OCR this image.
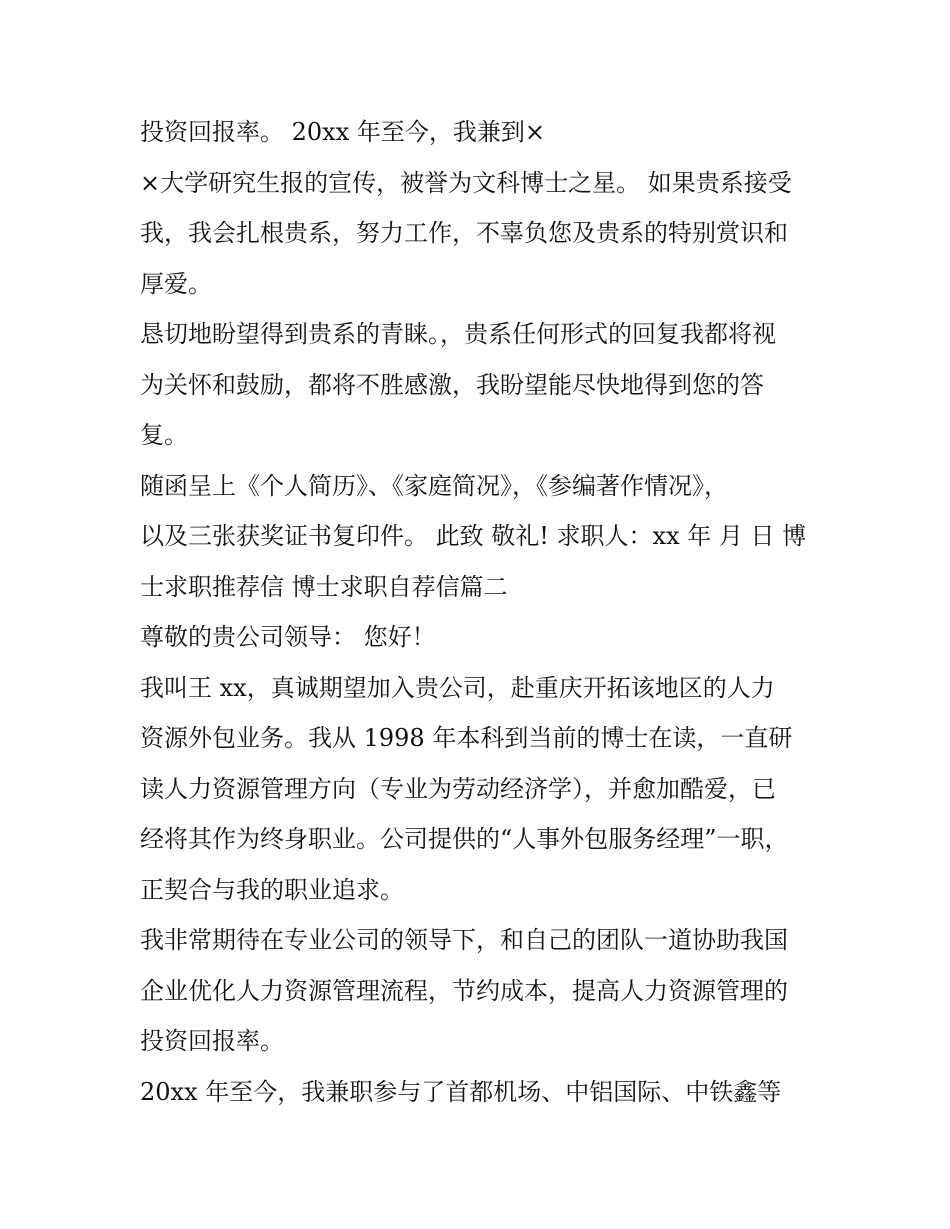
投资回报率。 20xx 年至今，我兼到×
×大学研究生报的宣传，被誉为文科博士之星。 如果贵系接受
我，我会扎根贵系，努力工作，不辜负您及贵系的特别赏识和
厚爱。
恳切地盼望得到贵系的青睐。，贵系任何形式的回复我都将视
为关怀和鼓励，都将不胜感激，我盼望能尽快地得到您的答
复。
随函呈上《个人简历》、《家庭简况》，《参编著作情况》，
以及三张获奖证书复印件。 此致 敬礼! 求职人：xx 年 月 日 博
士求职推荐信 博士求职自荐信篇二
尊敬的贵公司领导： 您好！
我叫王 xx，真诚期望加入贵公司，赴重庆开拓该地区的人力
资源外包业务。我从 1998 年本科到当前的博士在读，一直研
读人力资源管理方向（专业为劳动经济学），并愈加酷爱，已
经将其作为终身职业。公司提供的“人事外包服务经理”一职，
正契合与我的职业追求。
我非常期待在专业公司的领导下，和自己的团队一道协助我国
企业优化人力资源管理流程，节约成本，提高人力资源管理的
投资回报率。
20xx 年至今，我兼职参与了首都机场、中铝国际、中铁鑫等
